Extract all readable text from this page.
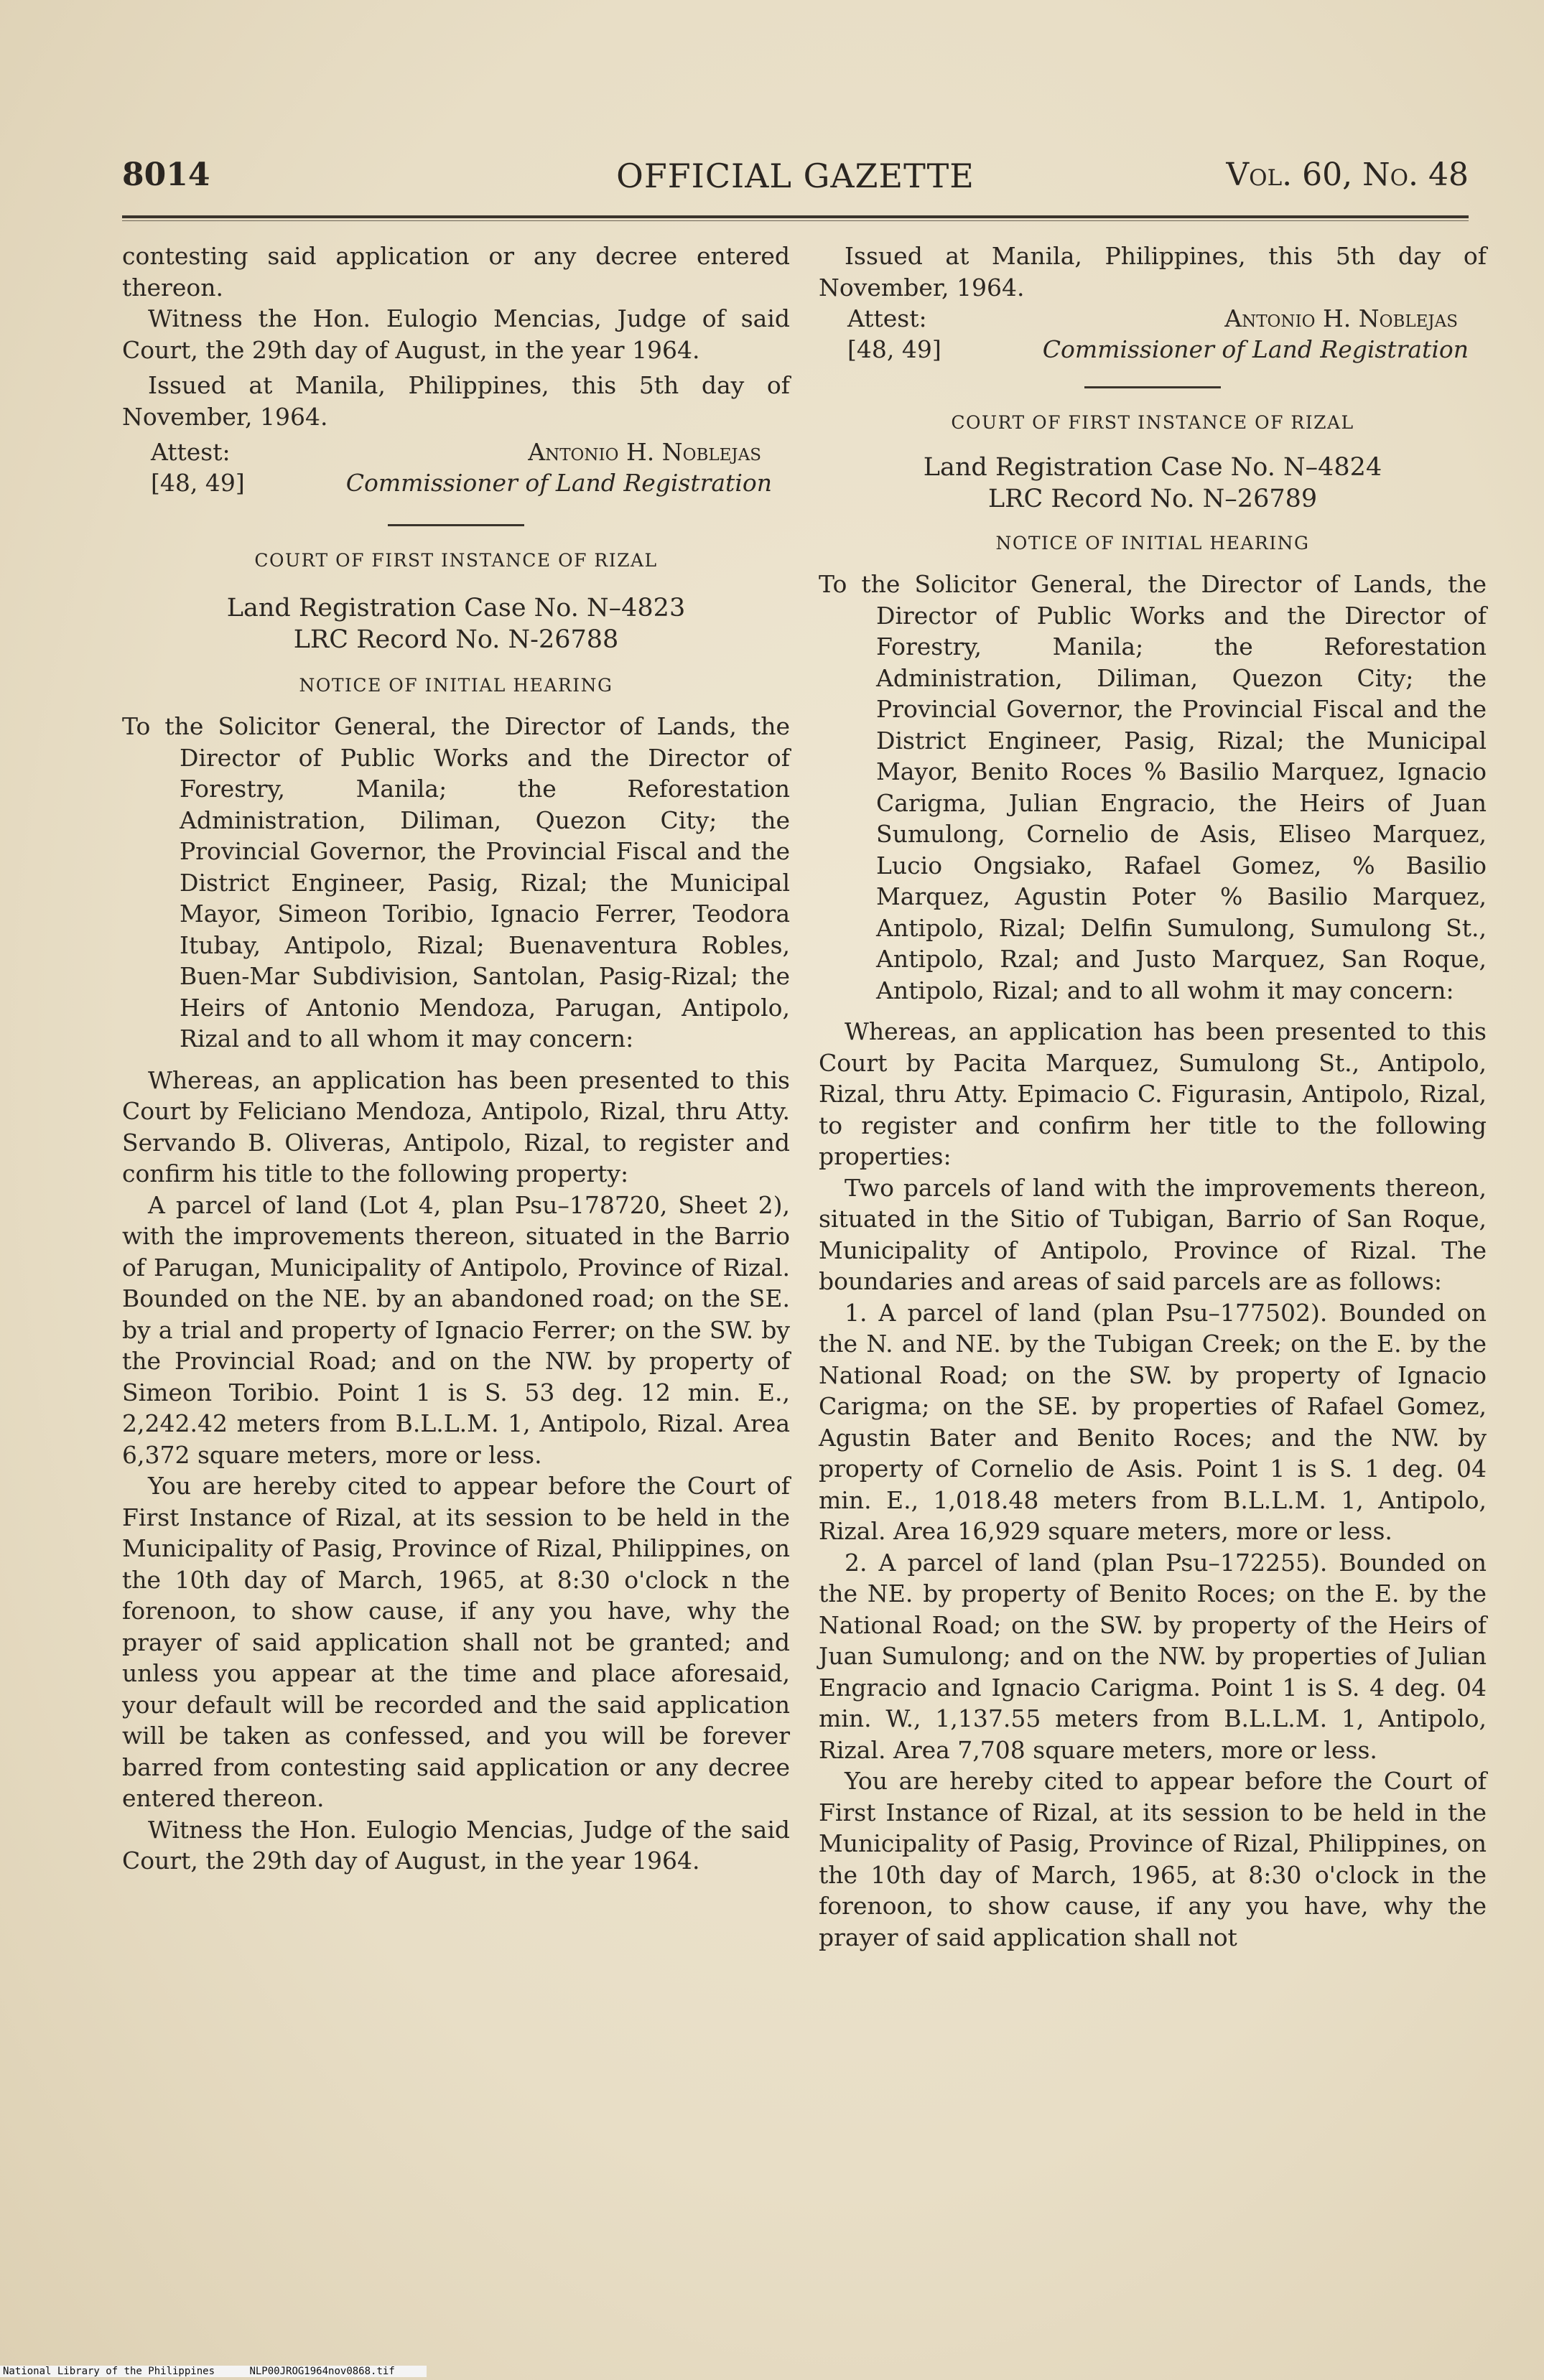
8014	OFFICIAL GAZETTE	Vol. 60, No. 48

contesting said application or any decree entered thereon.

Witness the Hon. Eulogio Mencias, Judge of said Court, the 29th day of August, in the year 1964.

Issued at Manila, Philippines, this 5th day of November, 1964.

Attest:	Antonio H. Noblejas
[48, 49]	Commissioner of Land Registration

COURT OF FIRST INSTANCE OF RIZAL

Land Registration Case No. N–4823

LRC Record No. N-26788

NOTICE OF INITIAL HEARING

To the Solicitor General, the Director of Lands, the Director of Public Works and the Director of Forestry, Manila; the Reforestation Administration, Diliman, Quezon City; the Provincial Governor, the Provincial Fiscal and the District Engineer, Pasig, Rizal; the Municipal Mayor, Simeon Toribio, Ignacio Ferrer, Teodora Itubay, Antipolo, Rizal; Buenaventura Robles, Buen-Mar Subdivision, Santolan, Pasig-Rizal; the Heirs of Antonio Mendoza, Parugan, Antipolo, Rizal and to all whom it may concern:

Whereas, an application has been presented to this Court by Feliciano Mendoza, Antipolo, Rizal, thru Atty. Servando B. Oliveras, Antipolo, Rizal, to register and confirm his title to the following property:

A parcel of land (Lot 4, plan Psu–178720, Sheet 2), with the improvements thereon, situated in the Barrio of Parugan, Municipality of Antipolo, Province of Rizal. Bounded on the NE. by an abandoned road; on the SE. by a trial and property of Ignacio Ferrer; on the SW. by the Provincial Road; and on the NW. by property of Simeon Toribio. Point 1 is S. 53 deg. 12 min. E., 2,242.42 meters from B.L.L.M. 1, Antipolo, Rizal. Area 6,372 square meters, more or less.

You are hereby cited to appear before the Court of First Instance of Rizal, at its session to be held in the Municipality of Pasig, Province of Rizal, Philippines, on the 10th day of March, 1965, at 8:30 o'clock n the forenoon, to show cause, if any you have, why the prayer of said application shall not be granted; and unless you appear at the time and place aforesaid, your default will be recorded and the said application will be taken as confessed, and you will be forever barred from contesting said application or any decree entered thereon.

Witness the Hon. Eulogio Mencias, Judge of the said Court, the 29th day of August, in the year 1964.

Issued at Manila, Philippines, this 5th day of November, 1964.

Attest:	Antonio H. Noblejas
[48, 49]	Commissioner of Land Registration

COURT OF FIRST INSTANCE OF RIZAL

Land Registration Case No. N–4824

LRC Record No. N–26789

NOTICE OF INITIAL HEARING

To the Solicitor General, the Director of Lands, the Director of Public Works and the Director of Forestry, Manila; the Reforestation Administration, Diliman, Quezon City; the Provincial Governor, the Provincial Fiscal and the District Engineer, Pasig, Rizal; the Municipal Mayor, Benito Roces % Basilio Marquez, Ignacio Carigma, Julian Engracio, the Heirs of Juan Sumulong, Cornelio de Asis, Eliseo Marquez, Lucio Ongsiako, Rafael Gomez, % Basilio Marquez, Agustin Poter % Basilio Marquez, Antipolo, Rizal; Delfin Sumulong, Sumulong St., Antipolo, Rzal; and Justo Marquez, San Roque, Antipolo, Rizal; and to all wohm it may concern:

Whereas, an application has been presented to this Court by Pacita Marquez, Sumulong St., Antipolo, Rizal, thru Atty. Epimacio C. Figurasin, Antipolo, Rizal, to register and confirm her title to the following properties:

Two parcels of land with the improvements thereon, situated in the Sitio of Tubigan, Barrio of San Roque, Municipality of Antipolo, Province of Rizal. The boundaries and areas of said parcels are as follows:

1. A parcel of land (plan Psu–177502). Bounded on the N. and NE. by the Tubigan Creek; on the E. by the National Road; on the SW. by property of Ignacio Carigma; on the SE. by properties of Rafael Gomez, Agustin Bater and Benito Roces; and the NW. by property of Cornelio de Asis. Point 1 is S. 1 deg. 04 min. E., 1,018.48 meters from B.L.L.M. 1, Antipolo, Rizal. Area 16,929 square meters, more or less.

2. A parcel of land (plan Psu–172255). Bounded on the NE. by property of Benito Roces; on the E. by the National Road; on the SW. by property of the Heirs of Juan Sumulong; and on the NW. by properties of Julian Engracio and Ignacio Carigma. Point 1 is S. 4 deg. 04 min. W., 1,137.55 meters from B.L.L.M. 1, Antipolo, Rizal. Area 7,708 square meters, more or less.

You are hereby cited to appear before the Court of First Instance of Rizal, at its session to be held in the Municipality of Pasig, Province of Rizal, Philippines, on the 10th day of March, 1965, at 8:30 o'clock in the forenoon, to show cause, if any you have, why the prayer of said application shall not

National Library of the Philippines	NLP00JROG1964nov0868.tif
